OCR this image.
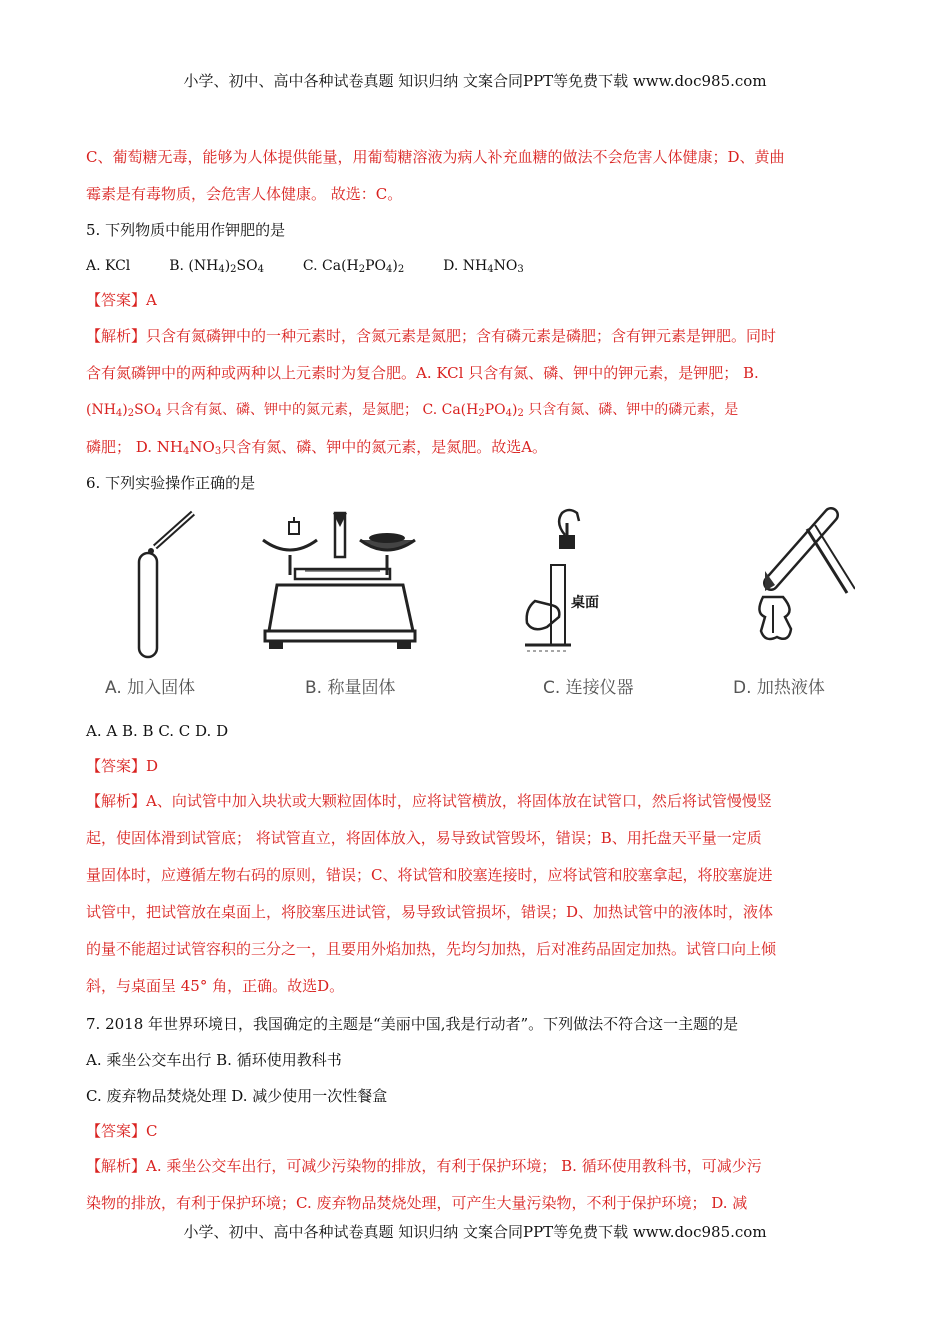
小学、初中、高中各种试卷真题 知识归纳 文案合同PPT等免费下载 www.doc985.com
C、葡萄糖无毒，能够为人体提供能量，用葡萄糖溶液为病人补充血糖的做法不会危害人体健康；D、黄曲
霉素是有毒物质，会危害人体健康。 故选：C。
5. 下列物质中能用作钾肥的是
A. KCl	B. $(NH_4)_2SO_4$	C. $Ca(H_2PO_4)_2$	D. $NH_4NO_3$
【答案】A
【解析】只含有氮磷钾中的一种元素时，含氮元素是氮肥；含有磷元素是磷肥；含有钾元素是钾肥。同时
含有氮磷钾中的两种或两种以上元素时为复合肥。A. KCl 只含有氮、磷、钾中的钾元素，是钾肥； B.
$(NH_4)_2SO_4$ 只含有氮、磷、钾中的氮元素，是氮肥； C. $Ca(H_2PO_4)_2$ 只含有氮、磷、钾中的磷元素，是
磷肥； D. $NH_4NO_3$只含有氮、磷、钾中的氮元素，是氮肥。故选A。
6. 下列实验操作正确的是
桌面
A. 加入固体	B. 称量固体	C. 连接仪器	D. 加热液体
A. A B. B C. C D. D
【答案】D
【解析】A、向试管中加入块状或大颗粒固体时，应将试管横放，将固体放在试管口，然后将试管慢慢竖
起，使固体滑到试管底； 将试管直立，将固体放入，易导致试管毁坏，错误；B、用托盘天平量一定质
量固体时，应遵循左物右码的原则，错误；C、将试管和胶塞连接时，应将试管和胶塞拿起，将胶塞旋进
试管中，把试管放在桌面上，将胶塞压进试管，易导致试管损坏，错误；D、加热试管中的液体时，液体
的量不能超过试管容积的三分之一，且要用外焰加热，先均匀加热，后对准药品固定加热。试管口向上倾
斜，与桌面呈 45° 角，正确。故选D。
7. 2018 年世界环境日，我国确定的主题是“美丽中国,我是行动者”。下列做法不符合这一主题的是
A. 乘坐公交车出行 B. 循环使用教科书
C. 废弃物品焚烧处理 D. 减少使用一次性餐盒
【答案】C
【解析】A. 乘坐公交车出行，可减少污染物的排放，有利于保护环境； B. 循环使用教科书，可减少污
染物的排放，有利于保护环境；C. 废弃物品焚烧处理，可产生大量污染物，不利于保护环境； D. 减
小学、初中、高中各种试卷真题 知识归纳 文案合同PPT等免费下载 www.doc985.com
